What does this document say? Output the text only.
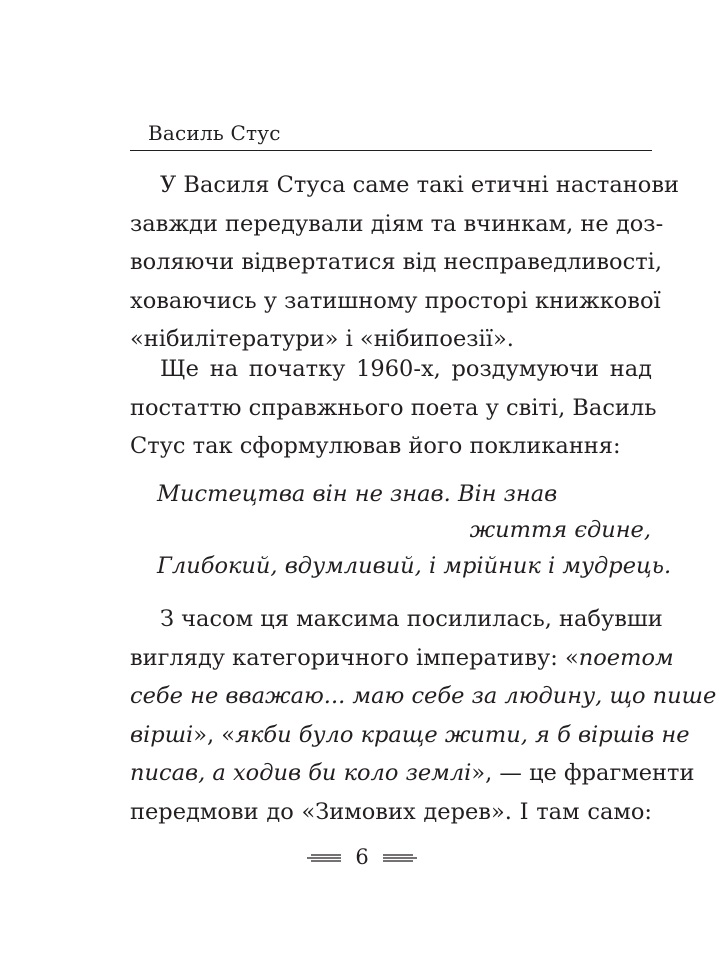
Василь Стус
У Василя Стуса саме такі етичні настанови
завжди передували діям та вчинкам, не доз-
воляючи відвертатися від несправедливості,
ховаючись у затишному просторі книжкової
«нібилітератури» і «нібипоезії».
Ще на початку 1960-х, роздумуючи над
постаттю справжнього поета у світі, Василь
Стус так сформулював його покликання:
Мистецтва він не знав. Він знав
життя єдине,
Глибокий, вдумливий, і мрійник і мудрець.
З часом ця максима посилилась, набувши
вигляду категоричного імперативу: «поетом
себе не вважаю... маю себе за людину, що пише
вірші», «якби було краще жити, я б віршів не
писав, а ходив би коло землі», — це фрагменти
передмови до «Зимових дерев». І там само:
6
